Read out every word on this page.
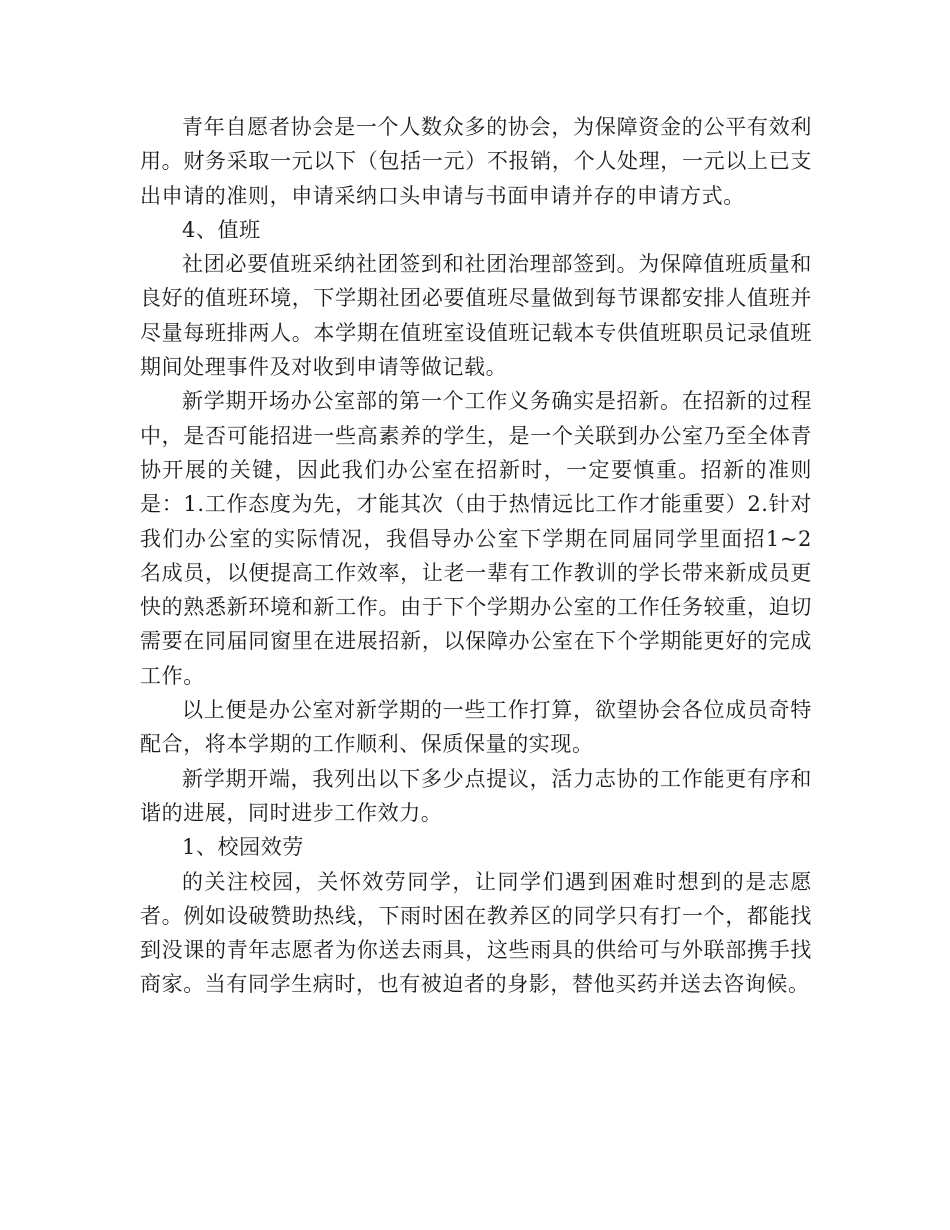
青年自愿者协会是一个人数众多的协会，为保障资金的公平有效利用。财务采取一元以下（包括一元）不报销，个人处理，一元以上已支出申请的准则，申请采纳口头申请与书面申请并存的申请方式。

4、值班

社团必要值班采纳社团签到和社团治理部签到。为保障值班质量和良好的值班环境，下学期社团必要值班尽量做到每节课都安排人值班并尽量每班排两人。本学期在值班室设值班记载本专供值班职员记录值班期间处理事件及对收到申请等做记载。

新学期开场办公室部的第一个工作义务确实是招新。在招新的过程中，是否可能招进一些高素养的学生，是一个关联到办公室乃至全体青协开展的关键，因此我们办公室在招新时，一定要慎重。招新的准则是：1.工作态度为先，才能其次（由于热情远比工作才能重要）2.针对我们办公室的实际情况，我倡导办公室下学期在同届同学里面招1~2名成员，以便提高工作效率，让老一辈有工作教训的学长带来新成员更快的熟悉新环境和新工作。由于下个学期办公室的工作任务较重，迫切需要在同届同窗里在进展招新，以保障办公室在下个学期能更好的完成工作。

以上便是办公室对新学期的一些工作打算，欲望协会各位成员奇特配合，将本学期的工作顺利、保质保量的实现。

新学期开端，我列出以下多少点提议，活力志协的工作能更有序和谐的进展，同时进步工作效力。

1、校园效劳

的关注校园，关怀效劳同学，让同学们遇到困难时想到的是志愿者。例如设破赞助热线，下雨时困在教养区的同学只有打一个，都能找到没课的青年志愿者为你送去雨具，这些雨具的供给可与外联部携手找商家。当有同学生病时，也有被迫者的身影，替他买药并送去咨询候。
